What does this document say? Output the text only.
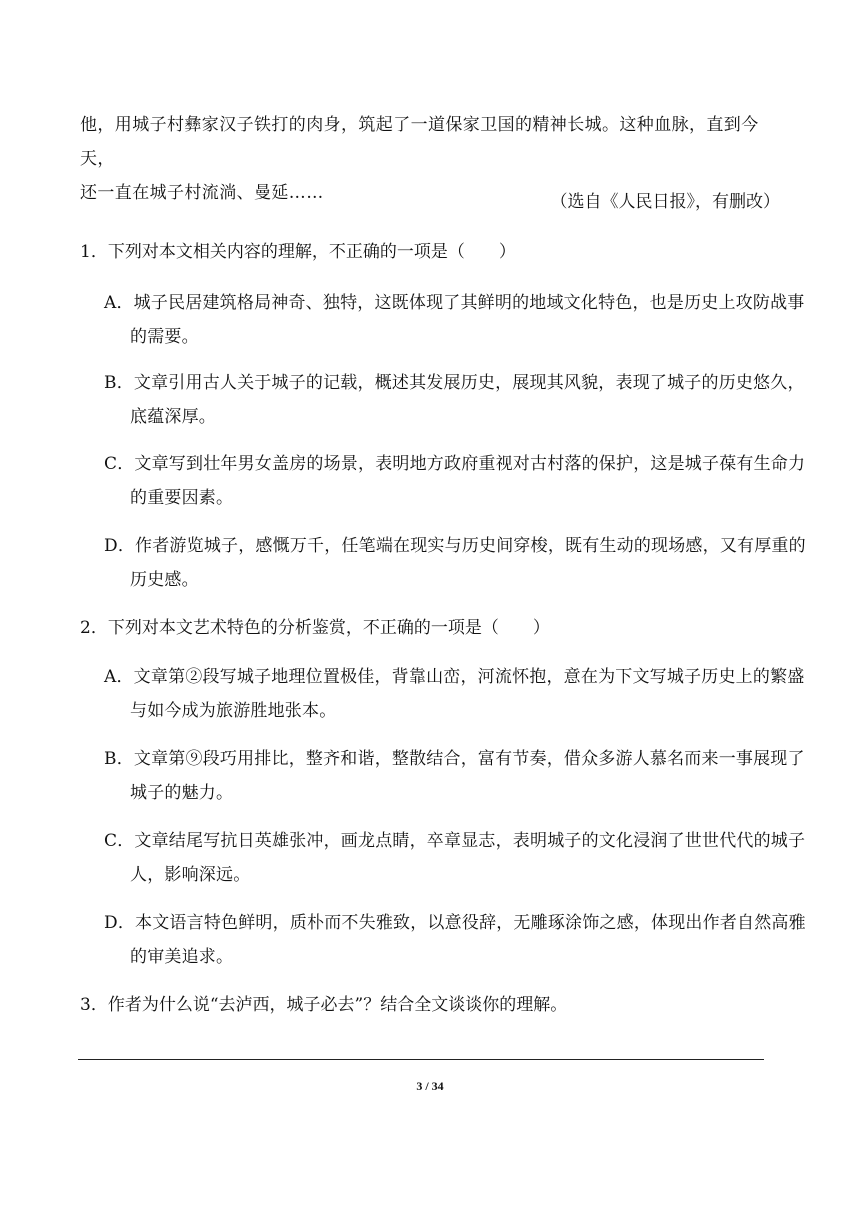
他，用城子村彝家汉子铁打的肉身，筑起了一道保家卫国的精神长城。这种血脉，直到今天，
还一直在城子村流淌、曼延……	（选自《人民日报》，有删改）
1．下列对本文相关内容的理解，不正确的一项是（　　）
A．城子民居建筑格局神奇、独特，这既体现了其鲜明的地域文化特色，也是历史上攻防战事的需要。
B．文章引用古人关于城子的记载，概述其发展历史，展现其风貌，表现了城子的历史悠久，底蕴深厚。
C．文章写到壮年男女盖房的场景，表明地方政府重视对古村落的保护，这是城子葆有生命力的重要因素。
D．作者游览城子，感慨万千，任笔端在现实与历史间穿梭，既有生动的现场感，又有厚重的历史感。
2．下列对本文艺术特色的分析鉴赏，不正确的一项是（　　）
A．文章第②段写城子地理位置极佳，背靠山峦，河流怀抱，意在为下文写城子历史上的繁盛与如今成为旅游胜地张本。
B．文章第⑨段巧用排比，整齐和谐，整散结合，富有节奏，借众多游人慕名而来一事展现了城子的魅力。
C．文章结尾写抗日英雄张冲，画龙点睛，卒章显志，表明城子的文化浸润了世世代代的城子人，影响深远。
D．本文语言特色鲜明，质朴而不失雅致，以意役辞，无雕琢涂饰之感，体现出作者自然高雅的审美追求。
3．作者为什么说“去泸西，城子必去”？结合全文谈谈你的理解。
3 / 34
